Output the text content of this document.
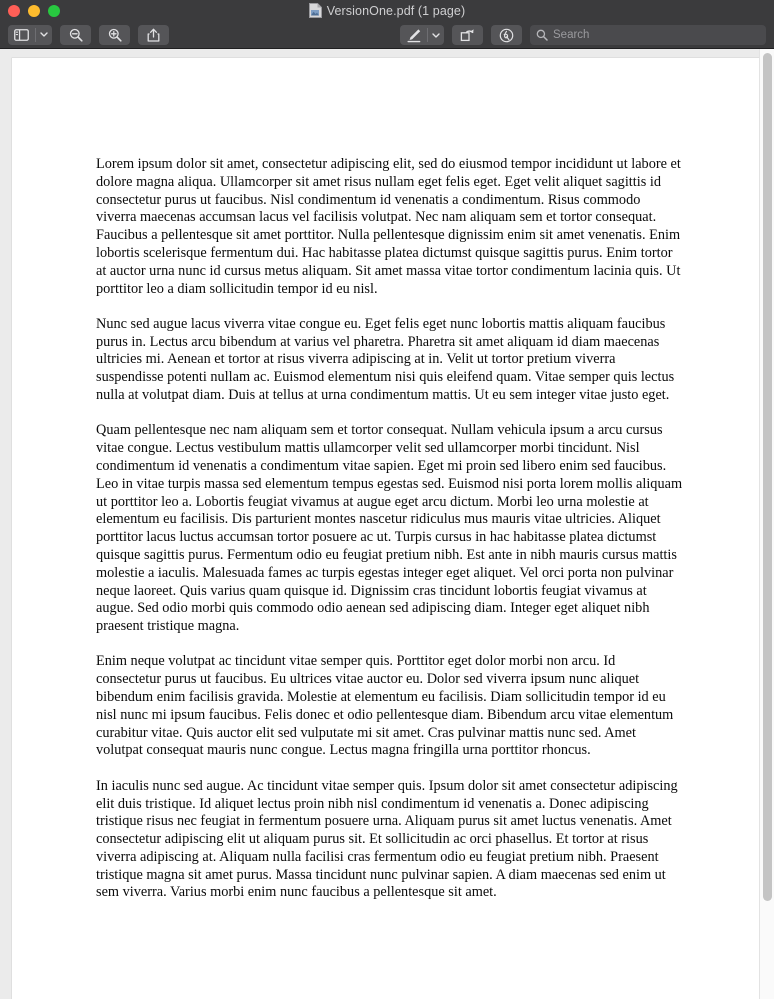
VersionOne.pdf (1 page)
Search

Lorem ipsum dolor sit amet, consectetur adipiscing elit, sed do eiusmod tempor incididunt ut labore et dolore magna aliqua. Ullamcorper sit amet risus nullam eget felis eget. Eget velit aliquet sagittis id consectetur purus ut faucibus. Nisl condimentum id venenatis a condimentum. Risus commodo viverra maecenas accumsan lacus vel facilisis volutpat. Nec nam aliquam sem et tortor consequat. Faucibus a pellentesque sit amet porttitor. Nulla pellentesque dignissim enim sit amet venenatis. Enim lobortis scelerisque fermentum dui. Hac habitasse platea dictumst quisque sagittis purus. Enim tortor at auctor urna nunc id cursus metus aliquam. Sit amet massa vitae tortor condimentum lacinia quis. Ut porttitor leo a diam sollicitudin tempor id eu nisl.

Nunc sed augue lacus viverra vitae congue eu. Eget felis eget nunc lobortis mattis aliquam faucibus purus in. Lectus arcu bibendum at varius vel pharetra. Pharetra sit amet aliquam id diam maecenas ultricies mi. Aenean et tortor at risus viverra adipiscing at in. Velit ut tortor pretium viverra suspendisse potenti nullam ac. Euismod elementum nisi quis eleifend quam. Vitae semper quis lectus nulla at volutpat diam. Duis at tellus at urna condimentum mattis. Ut eu sem integer vitae justo eget.

Quam pellentesque nec nam aliquam sem et tortor consequat. Nullam vehicula ipsum a arcu cursus vitae congue. Lectus vestibulum mattis ullamcorper velit sed ullamcorper morbi tincidunt. Nisl condimentum id venenatis a condimentum vitae sapien. Eget mi proin sed libero enim sed faucibus. Leo in vitae turpis massa sed elementum tempus egestas sed. Euismod nisi porta lorem mollis aliquam ut porttitor leo a. Lobortis feugiat vivamus at augue eget arcu dictum. Morbi leo urna molestie at elementum eu facilisis. Dis parturient montes nascetur ridiculus mus mauris vitae ultricies. Aliquet porttitor lacus luctus accumsan tortor posuere ac ut. Turpis cursus in hac habitasse platea dictumst quisque sagittis purus. Fermentum odio eu feugiat pretium nibh. Est ante in nibh mauris cursus mattis molestie a iaculis. Malesuada fames ac turpis egestas integer eget aliquet. Vel orci porta non pulvinar neque laoreet. Quis varius quam quisque id. Dignissim cras tincidunt lobortis feugiat vivamus at augue. Sed odio morbi quis commodo odio aenean sed adipiscing diam. Integer eget aliquet nibh praesent tristique magna.

Enim neque volutpat ac tincidunt vitae semper quis. Porttitor eget dolor morbi non arcu. Id consectetur purus ut faucibus. Eu ultrices vitae auctor eu. Dolor sed viverra ipsum nunc aliquet bibendum enim facilisis gravida. Molestie at elementum eu facilisis. Diam sollicitudin tempor id eu nisl nunc mi ipsum faucibus. Felis donec et odio pellentesque diam. Bibendum arcu vitae elementum curabitur vitae. Quis auctor elit sed vulputate mi sit amet. Cras pulvinar mattis nunc sed. Amet volutpat consequat mauris nunc congue. Lectus magna fringilla urna porttitor rhoncus.

In iaculis nunc sed augue. Ac tincidunt vitae semper quis. Ipsum dolor sit amet consectetur adipiscing elit duis tristique. Id aliquet lectus proin nibh nisl condimentum id venenatis a. Donec adipiscing tristique risus nec feugiat in fermentum posuere urna. Aliquam purus sit amet luctus venenatis. Amet consectetur adipiscing elit ut aliquam purus sit. Et sollicitudin ac orci phasellus. Et tortor at risus viverra adipiscing at. Aliquam nulla facilisi cras fermentum odio eu feugiat pretium nibh. Praesent tristique magna sit amet purus. Massa tincidunt nunc pulvinar sapien. A diam maecenas sed enim ut sem viverra. Varius morbi enim nunc faucibus a pellentesque sit amet.
